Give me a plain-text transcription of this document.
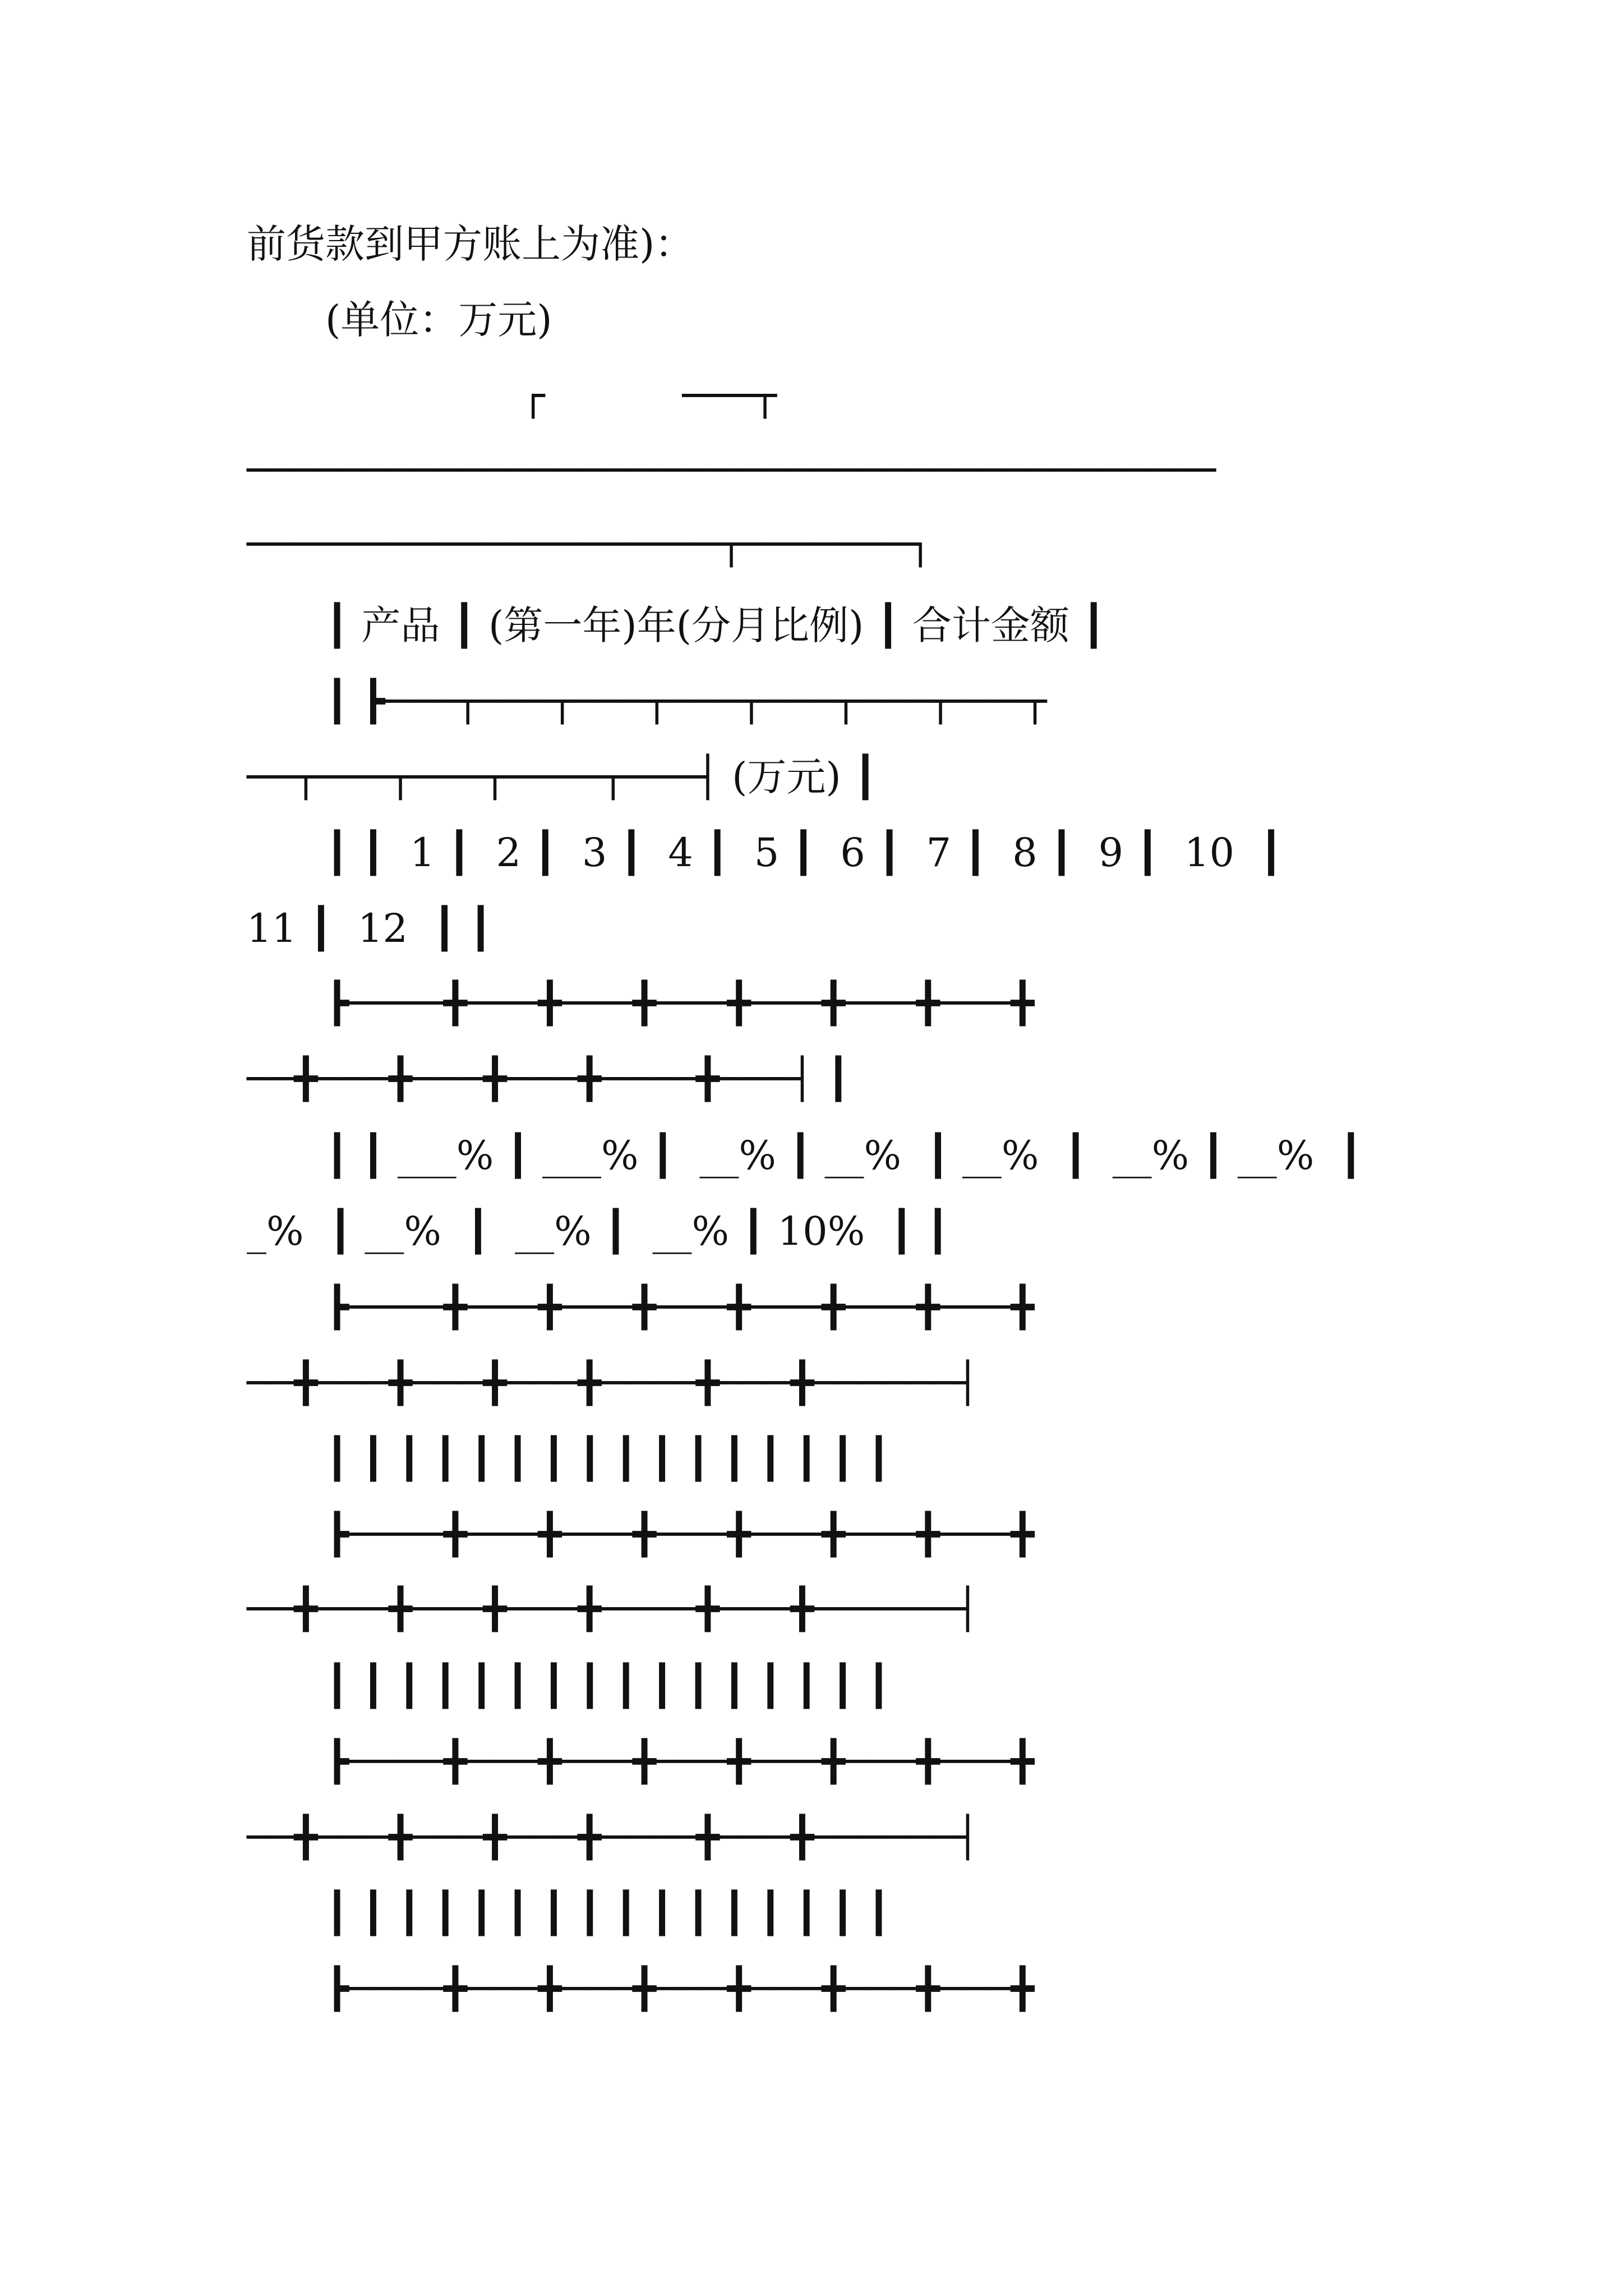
前货款到甲方账上为准)：
(单位：万元)
┌           ───┬
─────────────────────────────────────────
────────────────────┬───────┐
┃ 产品 ┃ (第一年)年(分月比例) ┃ 合计金额 ┃
┃ ┣───┬───┬───┬───┬───┬───┬───┬
──┬───┬───┬────┬───┤ (万元) ┃
┃ ┃  1 ┃  2 ┃  3 ┃  4 ┃  5 ┃  6 ┃  7 ┃  8 ┃  9 ┃  10  ┃
11 ┃  12  ┃ ┃
┣────╋───╋───╋───╋───╋───╋───╋
──╋───╋───╋───╋────╋───┤ ┃
┃ ┃ ___% ┃ ___% ┃  __% ┃ __%  ┃ __%  ┃  __% ┃ __%  ┃
_%  ┃ __%  ┃  __% ┃  __% ┃ 10%  ┃ ┃
┣────╋───╋───╋───╋───╋───╋───╋
──╋───╋───╋───╋────╋───╋──────┤
┃ ┃ ┃ ┃ ┃ ┃ ┃ ┃ ┃ ┃ ┃ ┃ ┃ ┃ ┃ ┃
┣────╋───╋───╋───╋───╋───╋───╋
──╋───╋───╋───╋────╋───╋──────┤
┃ ┃ ┃ ┃ ┃ ┃ ┃ ┃ ┃ ┃ ┃ ┃ ┃ ┃ ┃ ┃
┣────╋───╋───╋───╋───╋───╋───╋
──╋───╋───╋───╋────╋───╋──────┤
┃ ┃ ┃ ┃ ┃ ┃ ┃ ┃ ┃ ┃ ┃ ┃ ┃ ┃ ┃ ┃
┣────╋───╋───╋───╋───╋───╋───╋
